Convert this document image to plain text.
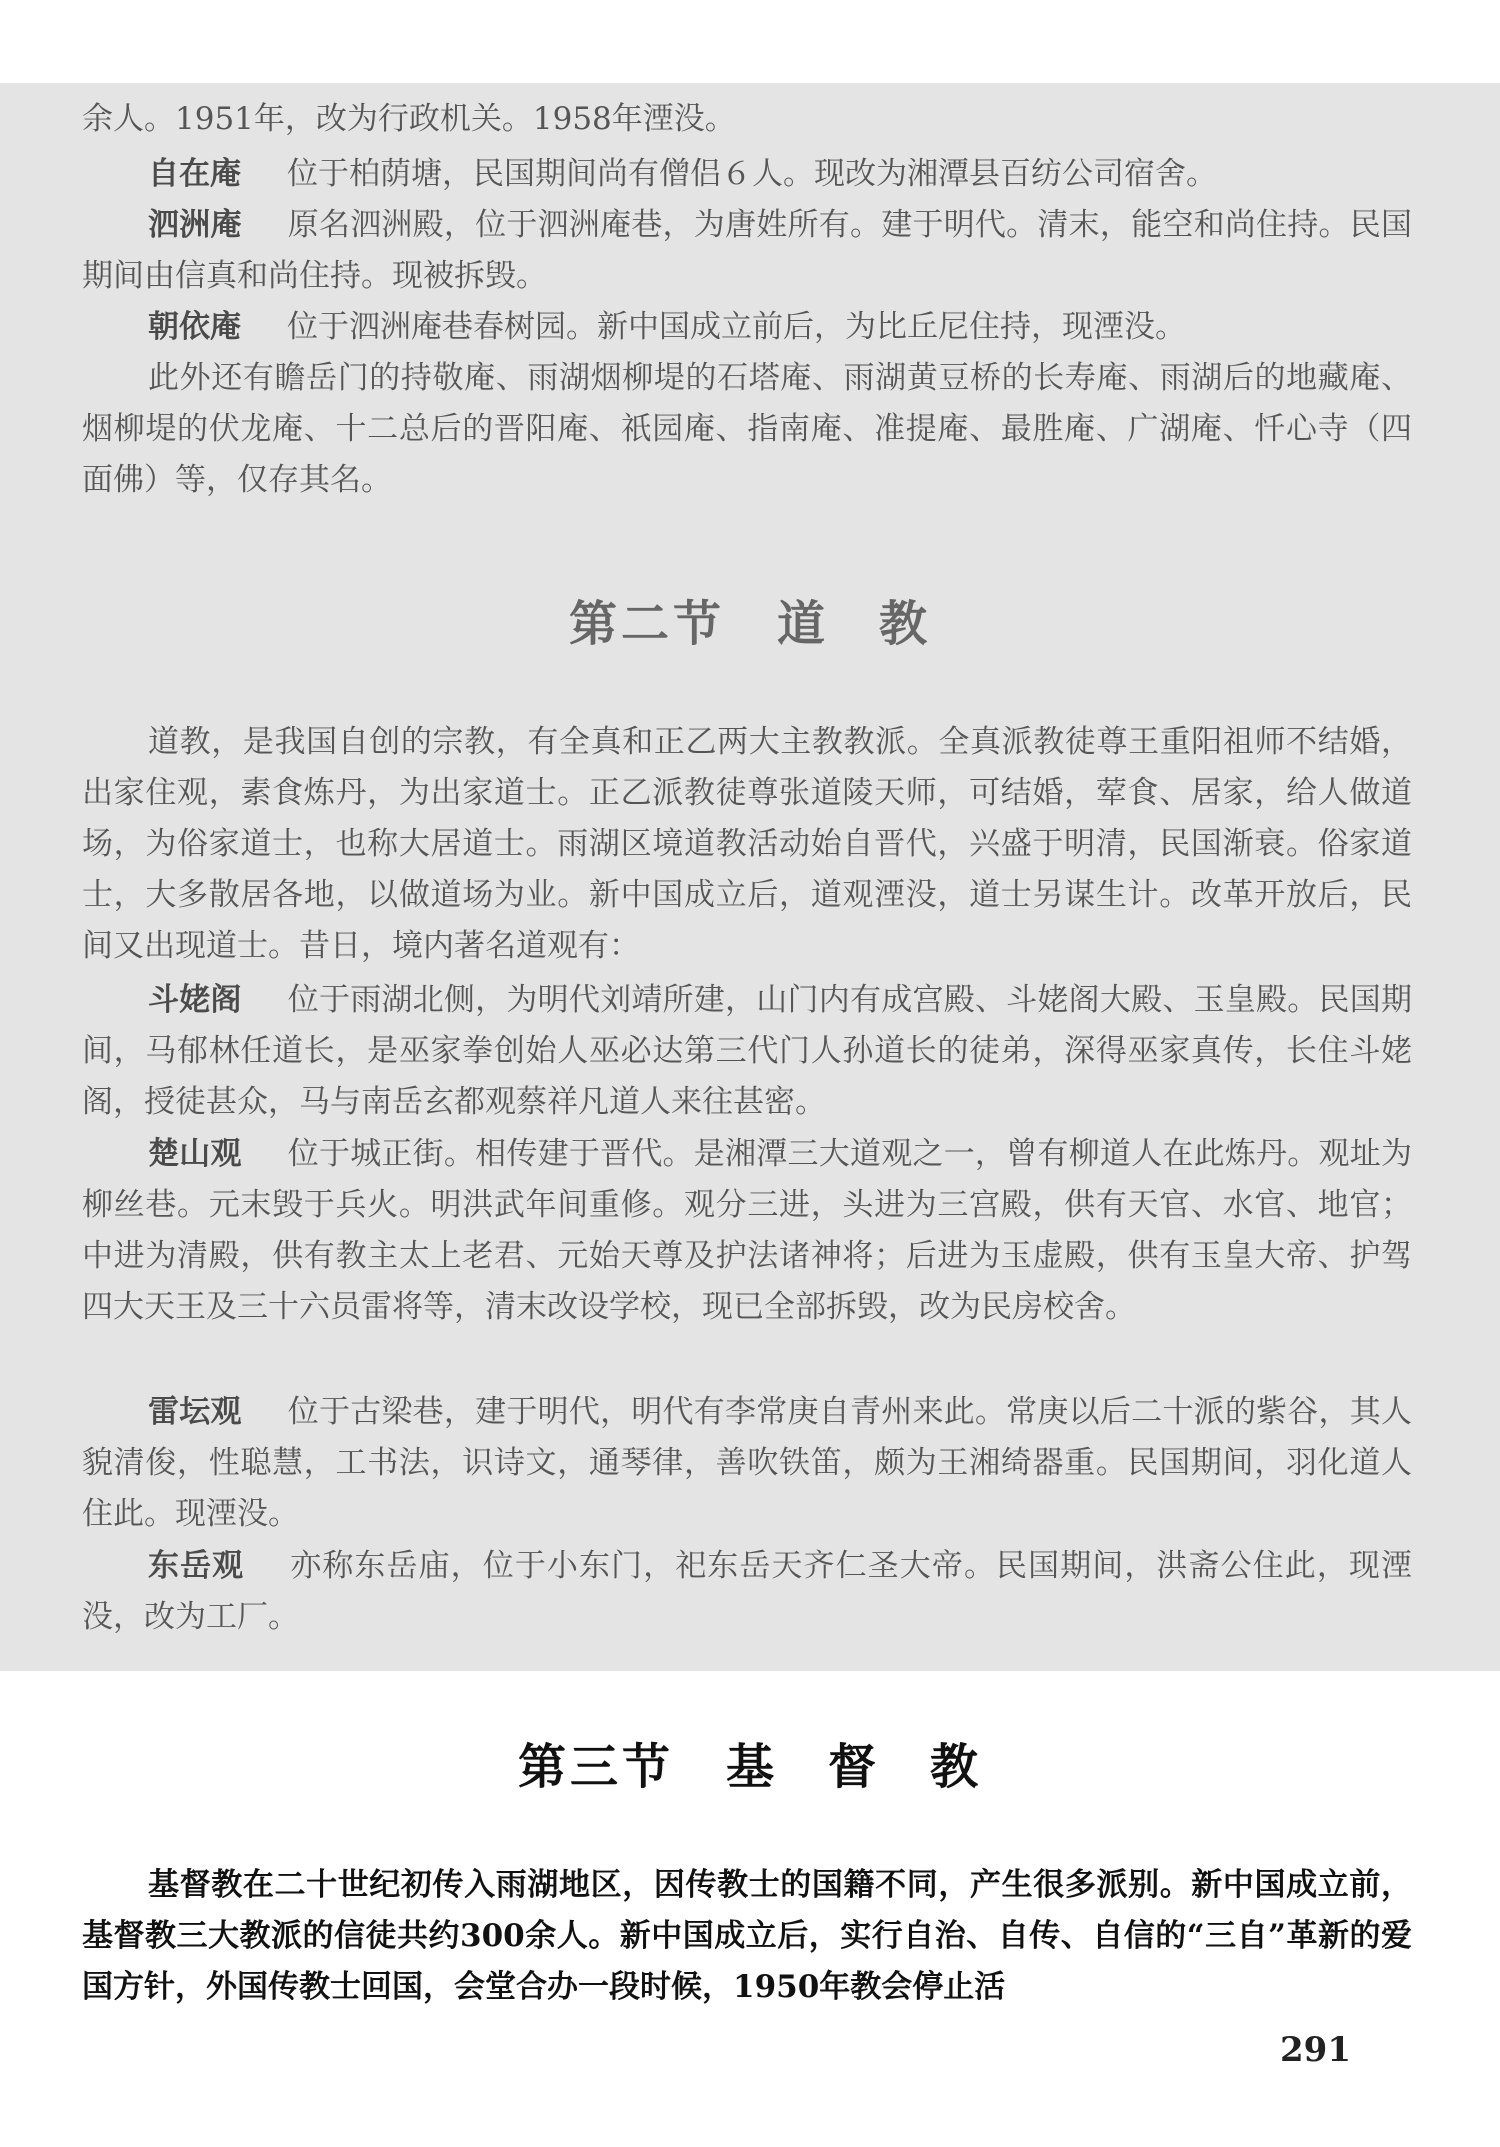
余人。1951年，改为行政机关。1958年湮没。

自在庵 位于柏荫塘，民国期间尚有僧侣６人。现改为湘潭县百纺公司宿舍。

泗洲庵 原名泗洲殿，位于泗洲庵巷，为唐姓所有。建于明代。清末，能空和尚住持。民国期间由信真和尚住持。现被拆毁。

朝依庵 位于泗洲庵巷春树园。新中国成立前后，为比丘尼住持，现湮没。

此外还有瞻岳门的持敬庵、雨湖烟柳堤的石塔庵、雨湖黄豆桥的长寿庵、雨湖后的地藏庵、烟柳堤的伏龙庵、十二总后的晋阳庵、祇园庵、指南庵、准提庵、最胜庵、广湖庵、忏心寺（四面佛）等，仅存其名。

第二节 道 教

道教，是我国自创的宗教，有全真和正乙两大主教教派。全真派教徒尊王重阳祖师不结婚，出家住观，素食炼丹，为出家道士。正乙派教徒尊张道陵天师，可结婚，荤食、居家，给人做道场，为俗家道士，也称大居道士。雨湖区境道教活动始自晋代，兴盛于明清，民国渐衰。俗家道士，大多散居各地，以做道场为业。新中国成立后，道观湮没，道士另谋生计。改革开放后，民间又出现道士。昔日，境内著名道观有：

斗姥阁 位于雨湖北侧，为明代刘靖所建，山门内有成宫殿、斗姥阁大殿、玉皇殿。民国期间，马郁林任道长，是巫家拳创始人巫必达第三代门人孙道长的徒弟，深得巫家真传，长住斗姥阁，授徒甚众，马与南岳玄都观蔡祥凡道人来往甚密。

楚山观 位于城正街。相传建于晋代。是湘潭三大道观之一，曾有柳道人在此炼丹。观址为柳丝巷。元末毁于兵火。明洪武年间重修。观分三进，头进为三宫殿，供有天官、水官、地官；中进为清殿，供有教主太上老君、元始天尊及护法诸神将；后进为玉虚殿，供有玉皇大帝、护驾四大天王及三十六员雷将等，清末改设学校，现已全部拆毁，改为民房校舍。

雷坛观 位于古梁巷，建于明代，明代有李常庚自青州来此。常庚以后二十派的紫谷，其人貌清俊，性聪慧，工书法，识诗文，通琴律，善吹铁笛，颇为王湘绮器重。民国期间，羽化道人住此。现湮没。

东岳观 亦称东岳庙，位于小东门，祀东岳天齐仁圣大帝。民国期间，洪斋公住此，现湮没，改为工厂。

第三节 基 督 教

基督教在二十世纪初传入雨湖地区，因传教士的国籍不同，产生很多派别。新中国成立前，基督教三大教派的信徒共约300余人。新中国成立后，实行自治、自传、自信的“三自”革新的爱国方针，外国传教士回国，会堂合办一段时候，1950年教会停止活

291
